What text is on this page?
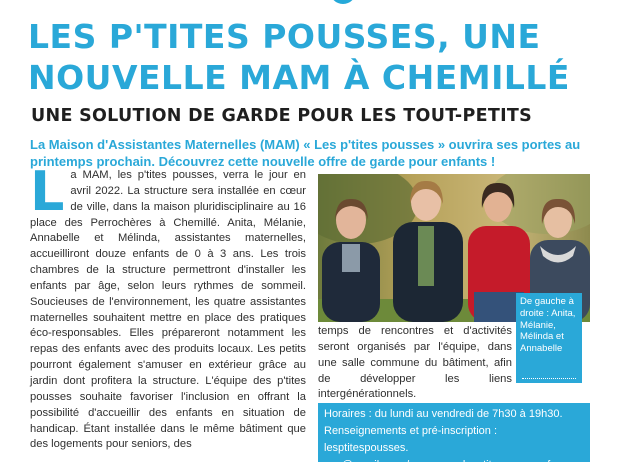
LES P'TITES POUSSES, UNE NOUVELLE MAM À CHEMILLÉ
UNE SOLUTION DE GARDE POUR LES TOUT-PETITS

La Maison d'Assistantes Maternelles (MAM) « Les p'tites pousses » ouvrira ses portes au printemps prochain. Découvrez cette nouvelle offre de garde pour enfants !

La MAM, les p'tites pousses, verra le jour en avril 2022. La structure sera installée en cœur de ville, dans la maison pluridisciplinaire au 16 place des Perrochères à Chemillé. Anita, Mélanie, Annabelle et Mélinda, assistantes maternelles, accueilliront douze enfants de 0 à 3 ans. Les trois chambres de la structure permettront d'installer les enfants par âge, selon leurs rythmes de sommeil. Soucieuses de l'environnement, les quatre assistantes maternelles souhaitent mettre en place des pratiques éco-responsables. Elles prépareront notamment les repas des enfants avec des produits locaux. Les petits pourront également s'amuser en extérieur grâce au jardin dont profitera la structure. L'équipe des p'tites pousses souhaite favoriser l'inclusion en offrant la possibilité d'accueillir des enfants en situation de handicap. Étant installée dans le même bâtiment que des logements pour seniors, des

De gauche à droite : Anita, Mélanie, Mélinda et Annabelle

temps de rencontres et d'activités seront organisés par l'équipe, dans une salle commune du bâtiment, afin de développer les liens intergénérationnels.

Horaires : du lundi au vendredi de 7h30 à 19h30.
Renseignements et pré-inscription : lesptitespousses.
cea@gmail.com / www.mamlesptitespousses.fr
